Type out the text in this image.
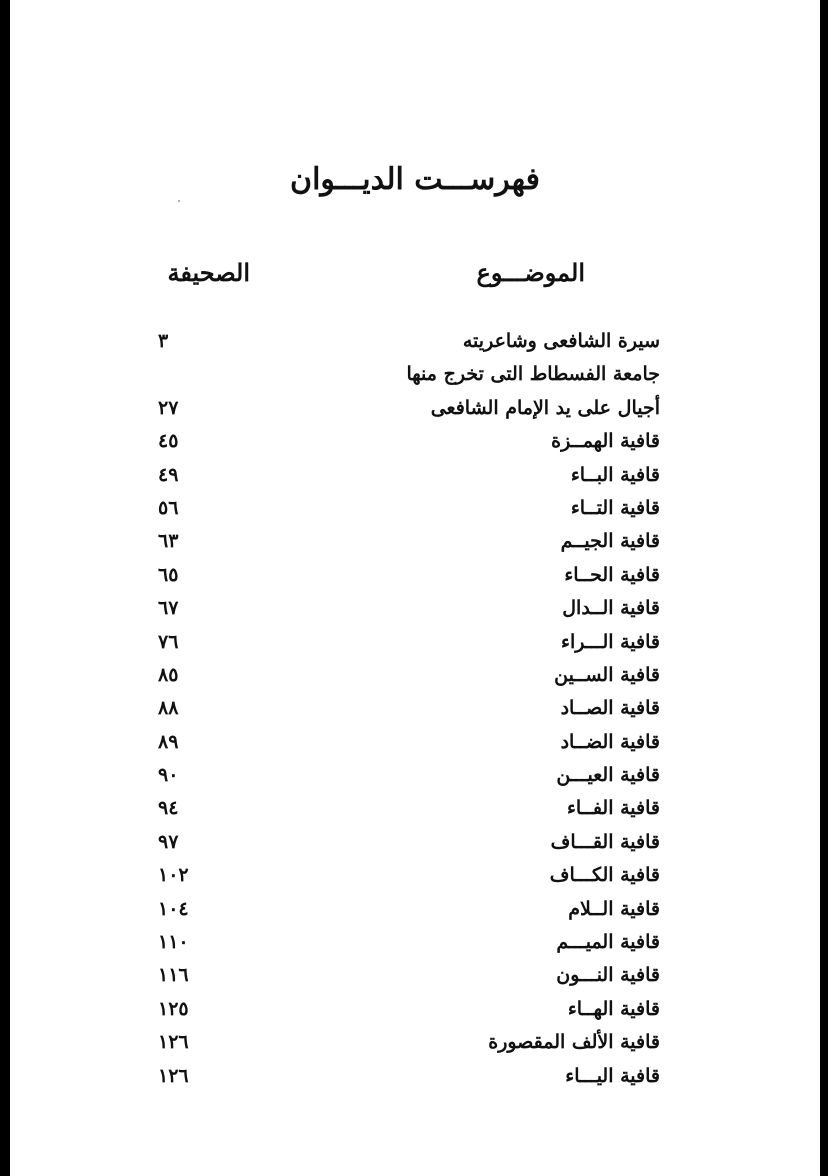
فهرســـت الديـــوان
الموضـــوع
الصحيفة
سيرة الشافعى وشاعريته
٣
جامعة الفسطاط التى تخرج منها
أجيال على يد الإمام الشافعى
٢٧
قافية الهمــزة
٤٥
قافية البــاء
٤٩
قافية التــاء
٥٦
قافية الجيــم
٦٣
قافية الحــاء
٦٥
قافية الــدال
٦٧
قافية الـــراء
٧٦
قافية الســين
٨٥
قافية الصــاد
٨٨
قافية الضــاد
٨٩
قافية العيـــن
٩٠
قافية الفــاء
٩٤
قافية القـــاف
٩٧
قافية الكـــاف
١٠٢
قافية الــلام
١٠٤
قافية الميـــم
١١٠
قافية النـــون
١١٦
قافية الهــاء
١٢٥
قافية الألف المقصورة
١٢٦
قافية اليـــاء
١٢٦
